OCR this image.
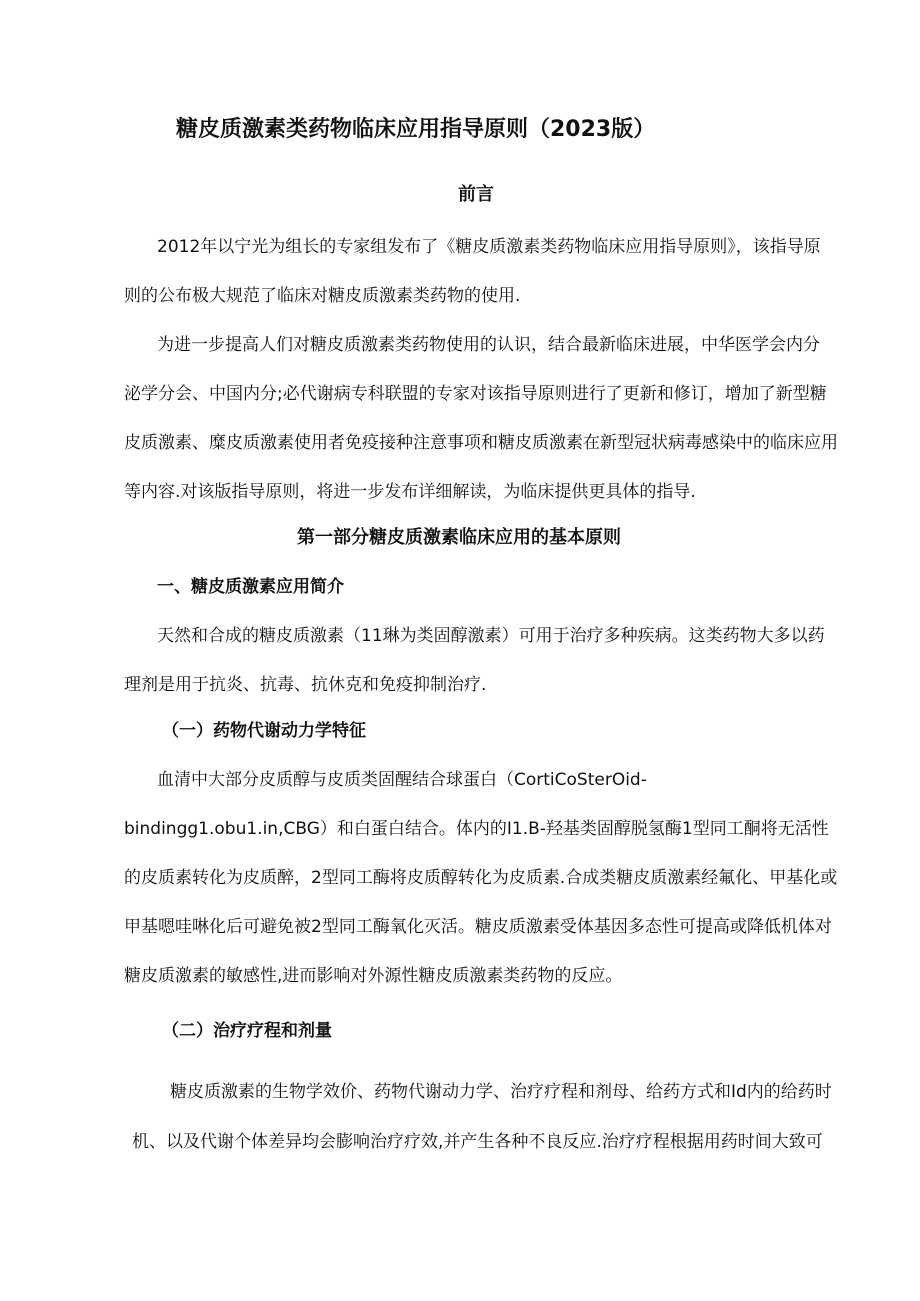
糖皮质激素类药物临床应用指导原则（2023版）
前言

2012年以宁光为组长的专家组发布了《糖皮质激素类药物临床应用指导原则》，该指导原

则的公布极大规范了临床对糖皮质激素类药物的使用.

为进一步提高人们对糖皮质激素类药物使用的认识，结合最新临床进展，中华医学会内分

泌学分会、中国内分;必代谢病专科联盟的专家对该指导原则进行了更新和修订，增加了新型糖

皮质激素、糜皮质激素使用者免疫接种注意事项和糖皮质激素在新型冠状病毒感染中的临床应用

等内容.对该版指导原则，将进一步发布详细解读，为临床提供更具体的指导.

第一部分糖皮质激素临床应用的基本原则
一、糖皮质激素应用简介

天然和合成的糖皮质激素（11琳为类固醇激素）可用于治疗多种疾病。这类药物大多以药

理剂是用于抗炎、抗毒、抗休克和免疫抑制治疗.

（一）药物代谢动力学特征

血清中大部分皮质醇与皮质类固醒结合球蛋白（CortiCoSterOid-

bindingg1.obu1.in,CBG）和白蛋白结合。体内的I1.B-羟基类固醇脱氢酶1型同工酮将无活性

的皮质素转化为皮质醉，2型同工酶将皮质醇转化为皮质素.合成类糖皮质激素经氟化、甲基化或

甲基嗯哇啉化后可避免被2型同工酶氧化灭活。糖皮质激素受体基因多态性可提高或降低机体对

糖皮质激素的敏感性,进而影响对外源性糖皮质激素类药物的反应。

（二）治疗疗程和剂量

糖皮质激素的生物学效价、药物代谢动力学、治疗疗程和剂母、给药方式和Id内的给药时

机、以及代谢个体差异均会膨响治疗疗效,并产生各种不良反应.治疗疗程根据用药时间大致可
